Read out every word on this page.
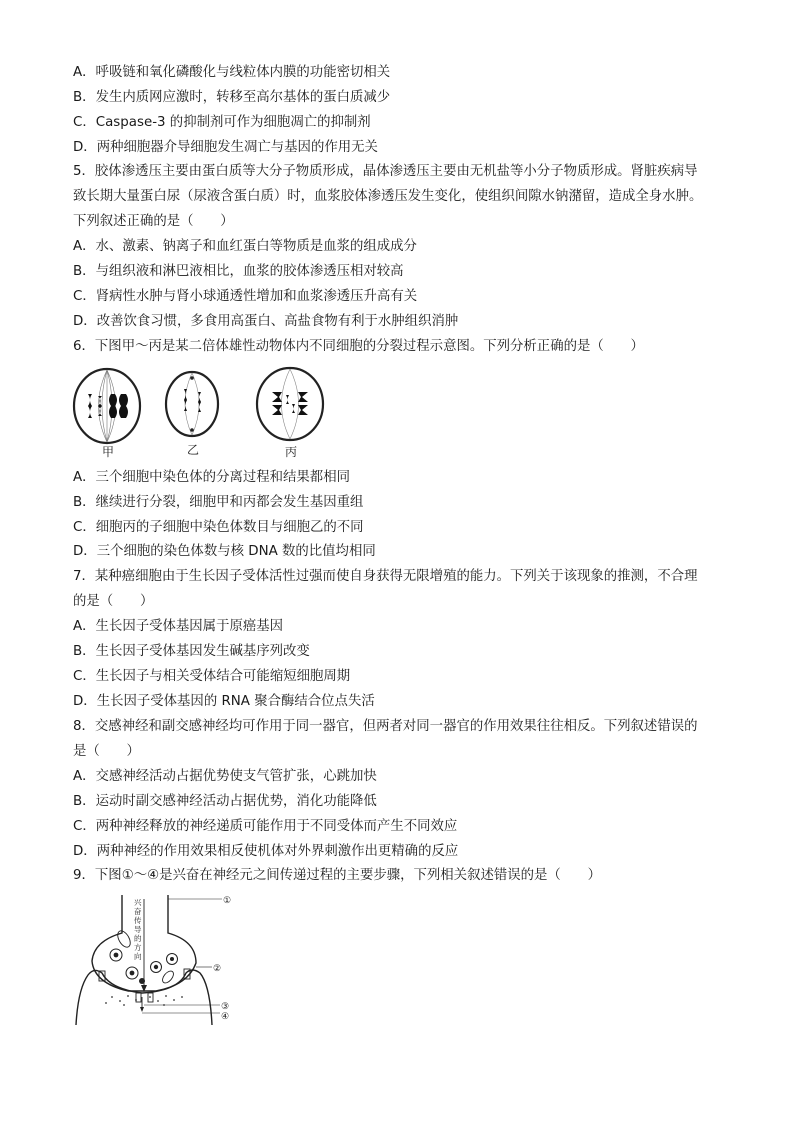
A．呼吸链和氧化磷酸化与线粒体内膜的功能密切相关
B．发生内质网应激时，转移至高尔基体的蛋白质减少
C．Caspase-3 的抑制剂可作为细胞凋亡的抑制剂
D．两种细胞器介导细胞发生凋亡与基因的作用无关
5．胶体渗透压主要由蛋白质等大分子物质形成，晶体渗透压主要由无机盐等小分子物质形成。肾脏疾病导
致长期大量蛋白尿（尿液含蛋白质）时，血浆胶体渗透压发生变化，使组织间隙水钠潴留，造成全身水肿。
下列叙述正确的是（　　）
A．水、激素、钠离子和血红蛋白等物质是血浆的组成成分
B．与组织液和淋巴液相比，血浆的胶体渗透压相对较高
C．肾病性水肿与肾小球通透性增加和血浆渗透压升高有关
D．改善饮食习惯，多食用高蛋白、高盐食物有利于水肿组织消肿
6．下图甲～丙是某二倍体雄性动物体内不同细胞的分裂过程示意图。下列分析正确的是（　　）
甲	乙	丙
A．三个细胞中染色体的分离过程和结果都相同
B．继续进行分裂，细胞甲和丙都会发生基因重组
C．细胞丙的子细胞中染色体数目与细胞乙的不同
D．三个细胞的染色体数与核 DNA 数的比值均相同
7．某种癌细胞由于生长因子受体活性过强而使自身获得无限增殖的能力。下列关于该现象的推测，不合理
的是（　　）
A．生长因子受体基因属于原癌基因
B．生长因子受体基因发生碱基序列改变
C．生长因子与相关受体结合可能缩短细胞周期
D．生长因子受体基因的 RNA 聚合酶结合位点失活
8．交感神经和副交感神经均可作用于同一器官，但两者对同一器官的作用效果往往相反。下列叙述错误的
是（　　）
A．交感神经活动占据优势使支气管扩张，心跳加快
B．运动时副交感神经活动占据优势，消化功能降低
C．两种神经释放的神经递质可能作用于不同受体而产生不同效应
D．两种神经的作用效果相反使机体对外界刺激作出更精确的反应
9．下图①～④是兴奋在神经元之间传递过程的主要步骤，下列相关叙述错误的是（　　）
兴
奋
传
导
的
方
向
①
②
③
④
